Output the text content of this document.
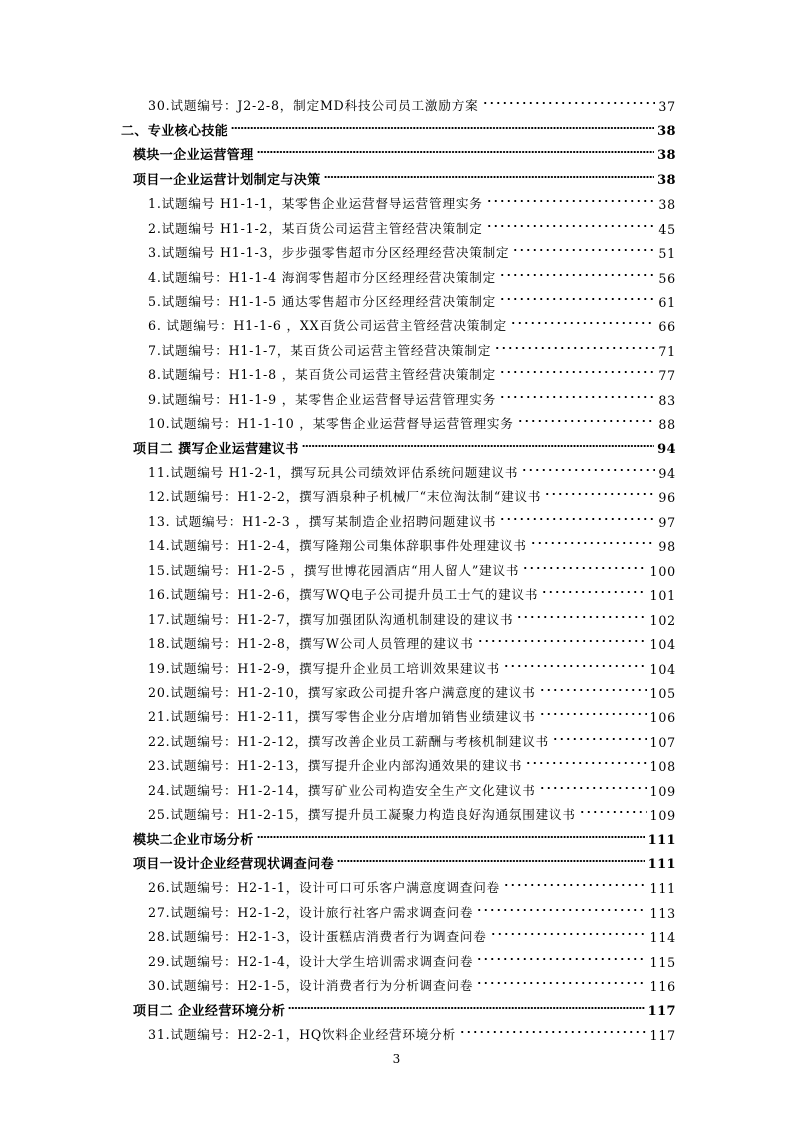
30.试题编号：J2-2-8，制定MD科技公司员工激励方案	37
二、专业核心技能	38
模块一企业运营管理	38
项目一企业运营计划制定与决策	38
1.试题编号 H1-1-1，某零售企业运营督导运营管理实务	38
2.试题编号 H1-1-2，某百货公司运营主管经营决策制定	45
3.试题编号 H1-1-3，步步强零售超市分区经理经营决策制定	51
4.试题编号：H1-1-4 海润零售超市分区经理经营决策制定	56
5.试题编号：H1-1-5 通达零售超市分区经理经营决策制定	61
6. 试题编号：H1-1-6 ，XX百货公司运营主管经营决策制定	66
7.试题编号：H1-1-7，某百货公司运营主管经营决策制定	71
8.试题编号：H1-1-8 ，某百货公司运营主管经营决策制定	77
9.试题编号：H1-1-9 ，某零售企业运营督导运营管理实务	83
10.试题编号：H1-1-10 ，某零售企业运营督导运营管理实务	88
项目二 撰写企业运营建议书	94
11.试题编号 H1-2-1，撰写玩具公司绩效评估系统问题建议书	94
12.试题编号：H1-2-2，撰写酒泉种子机械厂“末位淘汰制“建议书	96
13. 试题编号：H1-2-3 ，撰写某制造企业招聘问题建议书	97
14.试题编号：H1-2-4，撰写隆翔公司集体辞职事件处理建议书	98
15.试题编号：H1-2-5 ，撰写世博花园酒店“用人留人”建议书	100
16.试题编号：H1-2-6，撰写WQ电子公司提升员工士气的建议书	101
17.试题编号：H1-2-7，撰写加强团队沟通机制建设的建议书	102
18.试题编号：H1-2-8，撰写W公司人员管理的建议书	104
19.试题编号：H1-2-9，撰写提升企业员工培训效果建议书	104
20.试题编号：H1-2-10，撰写家政公司提升客户满意度的建议书	105
21.试题编号：H1-2-11，撰写零售企业分店增加销售业绩建议书	106
22.试题编号：H1-2-12，撰写改善企业员工薪酬与考核机制建议书	107
23.试题编号：H1-2-13，撰写提升企业内部沟通效果的建议书	108
24.试题编号：H1-2-14，撰写矿业公司构造安全生产文化建议书	109
25.试题编号：H1-2-15，撰写提升员工凝聚力构造良好沟通氛围建议书	109
模块二企业市场分析	111
项目一设计企业经营现状调查问卷	111
26.试题编号：H2-1-1，设计可口可乐客户满意度调查问卷	111
27.试题编号：H2-1-2，设计旅行社客户需求调查问卷	113
28.试题编号：H2-1-3，设计蛋糕店消费者行为调查问卷	114
29.试题编号：H2-1-4，设计大学生培训需求调查问卷	115
30.试题编号：H2-1-5，设计消费者行为分析调查问卷	116
项目二 企业经营环境分析	117
31.试题编号：H2-2-1，HQ饮料企业经营环境分析	117
3
